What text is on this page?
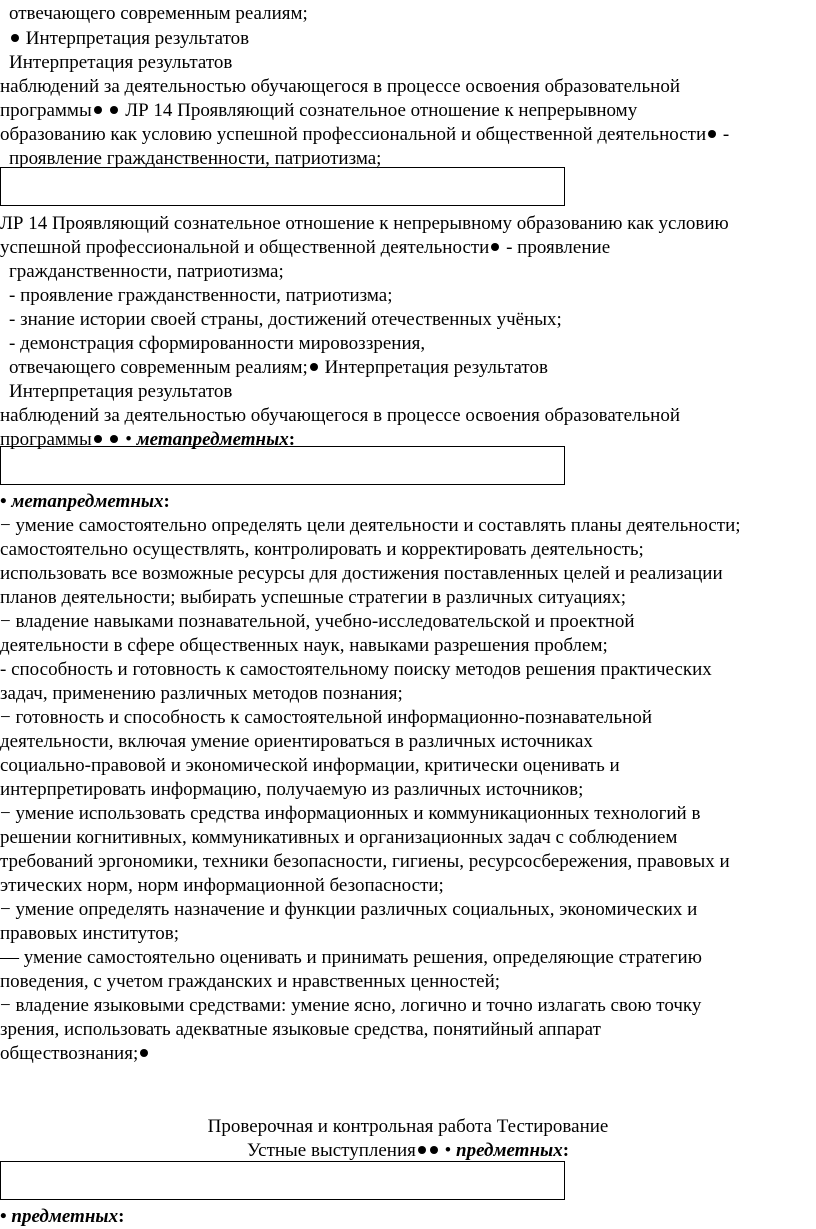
отвечающего современным реалиям;
Интерпретация результатов
Интерпретация результатов
наблюдений за деятельностью обучающегося в процессе освоения образовательной
программы ЛР 14 Проявляющий сознательное отношение к непрерывному
образованию как условию успешной профессиональной и общественной деятельности -
проявление гражданственности, патриотизма;
ЛР 14 Проявляющий сознательное отношение к непрерывному образованию как условию
успешной профессиональной и общественной деятельности - проявление
гражданственности, патриотизма;
- проявление гражданственности, патриотизма;
- знание истории своей страны, достижений отечественных учёных;
- демонстрация сформированности мировоззрения,
отвечающего современным реалиям; Интерпретация результатов
Интерпретация результатов
наблюдений за деятельностью обучающегося в процессе освоения образовательной
программы • метапредметных:
• метапредметных:
− умение самостоятельно определять цели деятельности и составлять планы деятельности;
самостоятельно осуществлять, контролировать и корректировать деятельность;
использовать все возможные ресурсы для достижения поставленных целей и реализации
планов деятельности; выбирать успешные стратегии в различных ситуациях;
− владение навыками познавательной, учебно-исследовательской и проектной
деятельности в сфере общественных наук, навыками разрешения проблем;
- способность и готовность к самостоятельному поиску методов решения практических
задач, применению различных методов познания;
− готовность и способность к самостоятельной информационно-познавательной
деятельности, включая умение ориентироваться в различных источниках
социально-правовой и экономической информации, критически оценивать и
интерпретировать информацию, получаемую из различных источников;
− умение использовать средства информационных и коммуникационных технологий в
решении когнитивных, коммуникативных и организационных задач с соблюдением
требований эргономики, техники безопасности, гигиены, ресурсосбережения, правовых и
этических норм, норм информационной безопасности;
− умение определять назначение и функции различных социальных, экономических и
правовых институтов;
— умение самостоятельно оценивать и принимать решения, определяющие стратегию
поведения, с учетом гражданских и нравственных ценностей;
− владение языковыми средствами: умение ясно, логично и точно излагать свою точку
зрения, использовать адекватные языковые средства, понятийный аппарат
обществознания;
Проверочная и контрольная работа Тестирование
Устные выступления • предметных:
• предметных:
